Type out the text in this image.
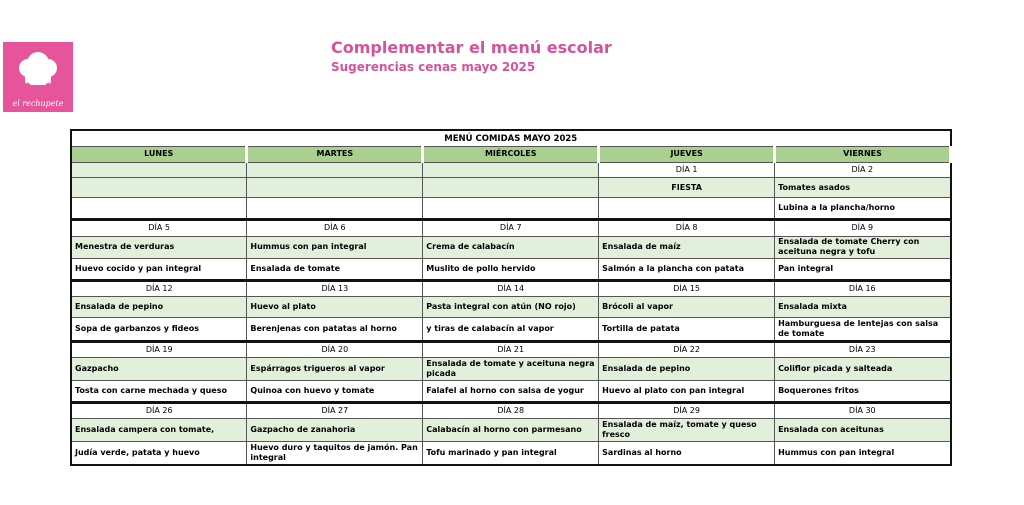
el rechupete
Complementar el menú escolar
Sugerencias cenas mayo 2025
MENÚ COMIDAS MAYO 2025				
LUNES	MARTES	MIÉRCOLES	JUEVES	VIERNES
			DÍA 1	DÍA 2
			FIESTA	Tomates asados
				Lubina a la plancha/horno
DÍA 5	DÍA 6	DÍA 7	DÍA 8	DÍA 9
Menestra de verduras	Hummus con pan integral	Crema de calabacín	Ensalada de maíz	Ensalada de tomate Cherry con aceituna negra y tofu
Huevo cocido y pan integral	Ensalada de tomate	Muslito de pollo hervido	Salmón a la plancha con patata	Pan integral
DÍA 12	DÍA 13	DÍA 14	DÍA 15	DÍA 16
Ensalada de pepino	Huevo al plato	Pasta integral con atún (NO rojo)	Brócoli al vapor	Ensalada mixta
Sopa de garbanzos y fideos	Berenjenas con patatas al horno	y tiras de calabacín al vapor	Tortilla de patata	Hamburguesa de lentejas con salsa de tomate
DÍA 19	DÍA 20	DÍA 21	DÍA 22	DÍA 23
Gazpacho	Espárragos trigueros al vapor	Ensalada de tomate y aceituna negra picada	Ensalada de pepino	Coliflor picada y salteada
Tosta con carne mechada y queso	Quinoa con huevo y tomate	Falafel al horno con salsa de yogur	Huevo al plato con pan integral	Boquerones fritos
DÍA 26	DÍA 27	DÍA 28	DÍA 29	DÍA 30
Ensalada campera con tomate,	Gazpacho de zanahoria	Calabacín al horno con parmesano	Ensalada de maíz, tomate y queso fresco	Ensalada con aceitunas
Judía verde, patata y huevo	Huevo duro y taquitos de jamón. Pan integral	Tofu marinado y pan integral	Sardinas al horno	Hummus con pan integral
